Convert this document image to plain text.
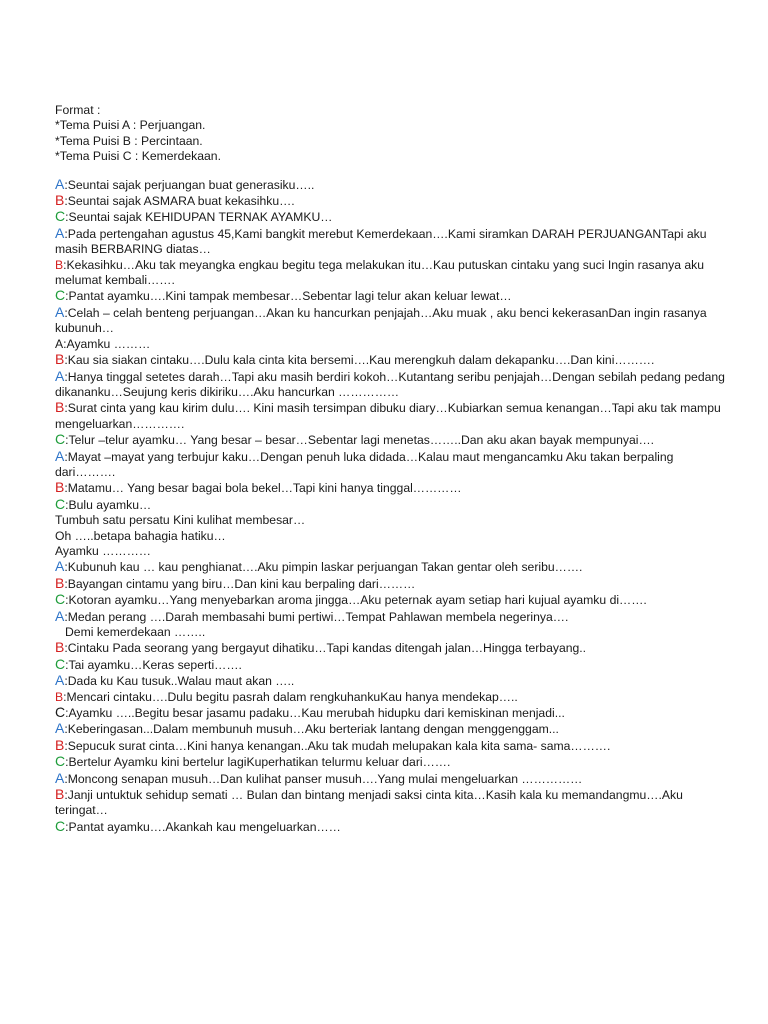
Format :
*Tema Puisi A : Perjuangan.
*Tema Puisi B : Percintaan.
*Tema Puisi C : Kemerdekaan.
A:Seuntai sajak perjuangan buat generasiku…..
B:Seuntai sajak ASMARA buat kekasihku….
C:Seuntai sajak KEHIDUPAN TERNAK AYAMKU…
A:Pada pertengahan agustus 45,Kami bangkit merebut Kemerdekaan….Kami siramkan DARAH PERJUANGANTapi aku masih BERBARING diatas…
B:Kekasihku…Aku tak meyangka engkau begitu tega melakukan itu…Kau putuskan cintaku yang suci Ingin rasanya aku melumat kembali…….
C:Pantat ayamku….Kini tampak membesar…Sebentar lagi telur akan keluar lewat…
A:Celah – celah benteng perjuangan…Akan ku hancurkan penjajah…Aku muak , aku benci kekerasanDan ingin rasanya kubunuh…
A:Ayamku ………
B:Kau sia siakan cintaku….Dulu kala cinta kita bersemi….Kau merengkuh dalam dekapanku….Dan kini……….
A:Hanya tinggal setetes darah…Tapi aku masih berdiri kokoh…Kutantang seribu penjajah…Dengan sebilah pedang pedang dikananku…Seujung keris dikiriku….Aku hancurkan ……………
B:Surat cinta yang kau kirim dulu…. Kini masih tersimpan dibuku diary…Kubiarkan semua kenangan…Tapi aku tak mampu mengeluarkan………….
C:Telur –telur ayamku… Yang besar – besar…Sebentar lagi menetas……..Dan aku akan bayak mempunyai….
A:Mayat –mayat yang terbujur kaku…Dengan penuh luka didada…Kalau maut mengancamku Aku takan berpaling dari……….
B:Matamu… Yang besar bagai bola bekel…Tapi kini hanya tinggal…………
C:Bulu ayamku…
Tumbuh satu persatu Kini kulihat membesar…
Oh …..betapa bahagia hatiku…
Ayamku …………
A:Kubunuh kau … kau penghianat….Aku pimpin laskar perjuangan Takan gentar oleh seribu…….
B:Bayangan cintamu yang biru…Dan kini kau berpaling dari………
C:Kotoran ayamku…Yang menyebarkan aroma jingga…Aku peternak ayam setiap hari kujual ayamku di…….
A:Medan perang ….Darah membasahi bumi pertiwi…Tempat Pahlawan membela negerinya….
Demi kemerdekaan ……..
B:Cintaku Pada seorang yang bergayut dihatiku…Tapi kandas ditengah jalan…Hingga terbayang..
C:Tai ayamku…Keras seperti…….
A:Dada ku Kau tusuk..Walau maut akan …..
B:Mencari cintaku….Dulu begitu pasrah dalam rengkuhankuKau hanya mendekap…..
C:Ayamku …..Begitu besar jasamu padaku…Kau merubah hidupku dari kemiskinan menjadi...
A:Keberingasan...Dalam membunuh musuh…Aku berteriak lantang dengan menggenggam...
B:Sepucuk surat cinta…Kini hanya kenangan..Aku tak mudah melupakan kala kita sama- sama……….
C:Bertelur Ayamku kini bertelur lagiKuperhatikan telurmu keluar dari…….
A:Moncong senapan musuh…Dan kulihat panser musuh….Yang mulai mengeluarkan ……………
B:Janji untuktuk sehidup semati … Bulan dan bintang menjadi saksi cinta kita…Kasih kala ku memandangmu….Aku teringat…
C:Pantat ayamku….Akankah kau mengeluarkan……
